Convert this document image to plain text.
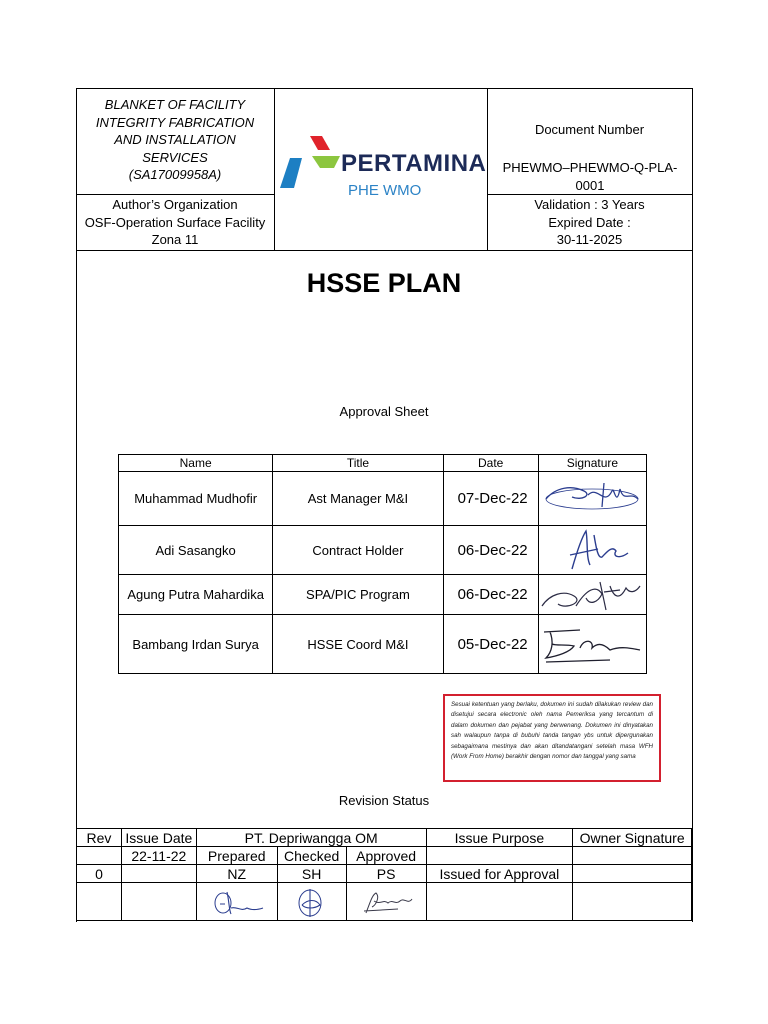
BLANKET OF FACILITY
INTEGRITY FABRICATION
AND INSTALLATION
SERVICES
(SA17009958A)
Author’s Organization
OSF-Operation Surface Facility
Zona 11
PERTAMINA
PHE WMO
Document Number
PHEWMO–PHEWMO-Q-PLA-
0001
Validation : 3 Years
Expired Date :
30-11-2025
HSSE PLAN
Approval Sheet
Name	Title	Date	Signature
Muhammad Mudhofir	Ast Manager M&I	07-Dec-22	

Adi Sasangko	Contract Holder	06-Dec-22	

Agung Putra Mahardika	SPA/PIC Program	06-Dec-22	

Bambang Irdan Surya	HSSE Coord M&I	05-Dec-22	
Sesuai ketentuan yang berlaku, dokumen ini sudah dilakukan review dan disetujui secara electronic oleh nama Pemeriksa yang tercantum di dalam dokumen dan pejabat yang berwenang. Dokumen ini dinyatakan sah walaupun tanpa di bubuhi tanda tangan ybs untuk dipergunakan sebagaimana mestinya dan akan ditandatangani setelah masa WFH (Work From Home) berakhir dengan nomor dan tanggal yang sama
Revision Status
Rev	Issue Date	PT. Depriwangga OM			Issue Purpose	Owner Signature
	22-11-22	Prepared	Checked	Approved		
0		NZ	SH	PS	Issued for Approval	
